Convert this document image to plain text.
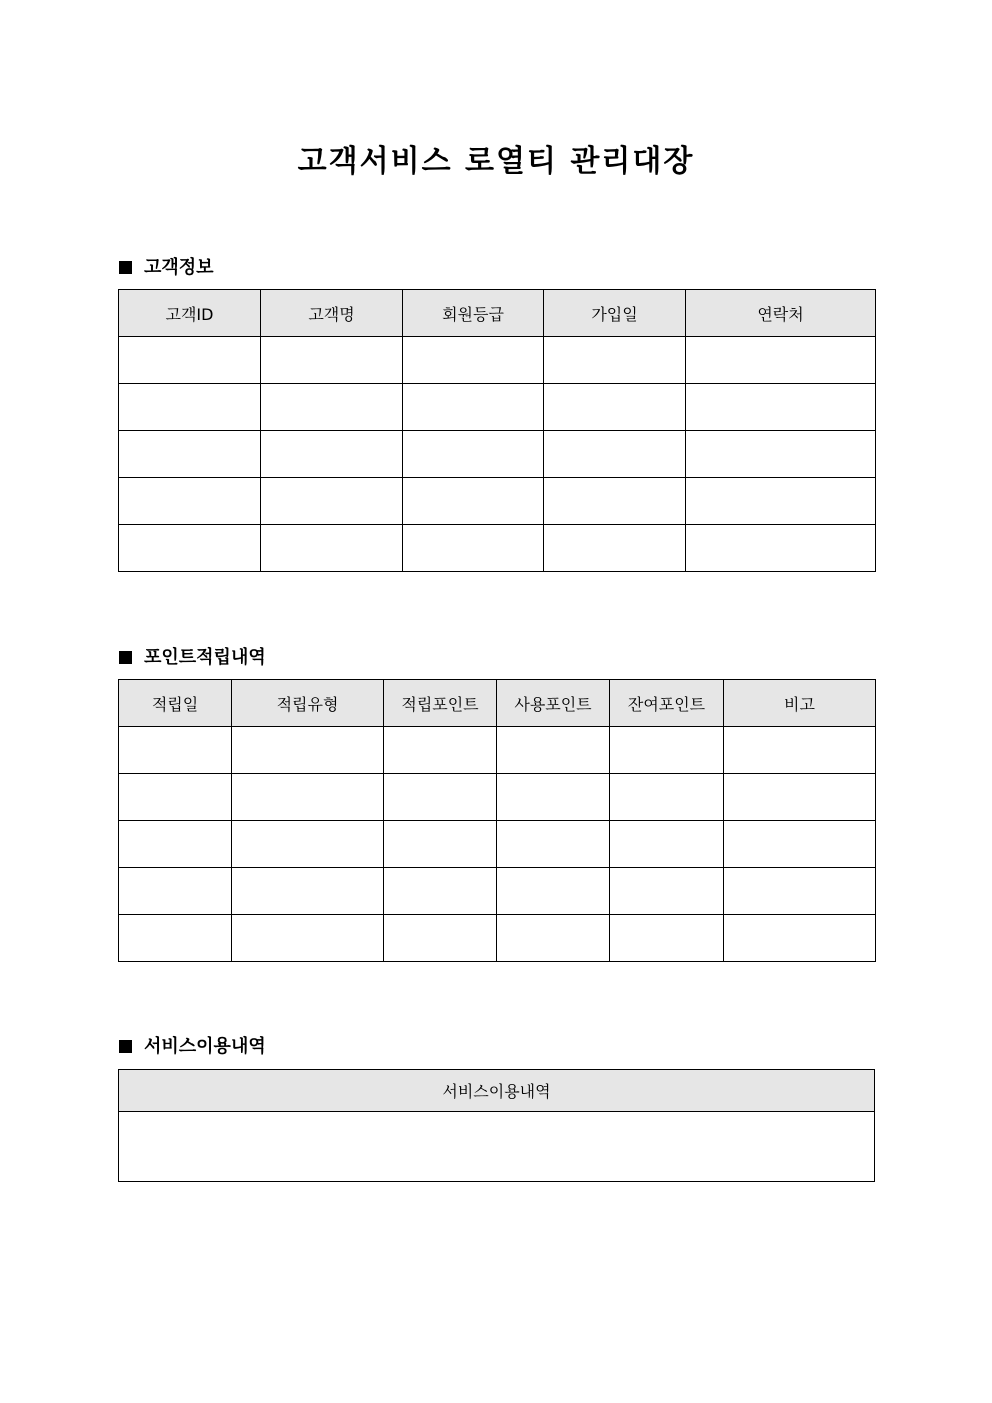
고객서비스 로열티 관리대장
고객정보
고객ID	고객명	회원등급	가입일	연락처

포인트적립내역
적립일	적립유형	적립포인트	사용포인트	잔여포인트	비고

서비스이용내역
서비스이용내역
